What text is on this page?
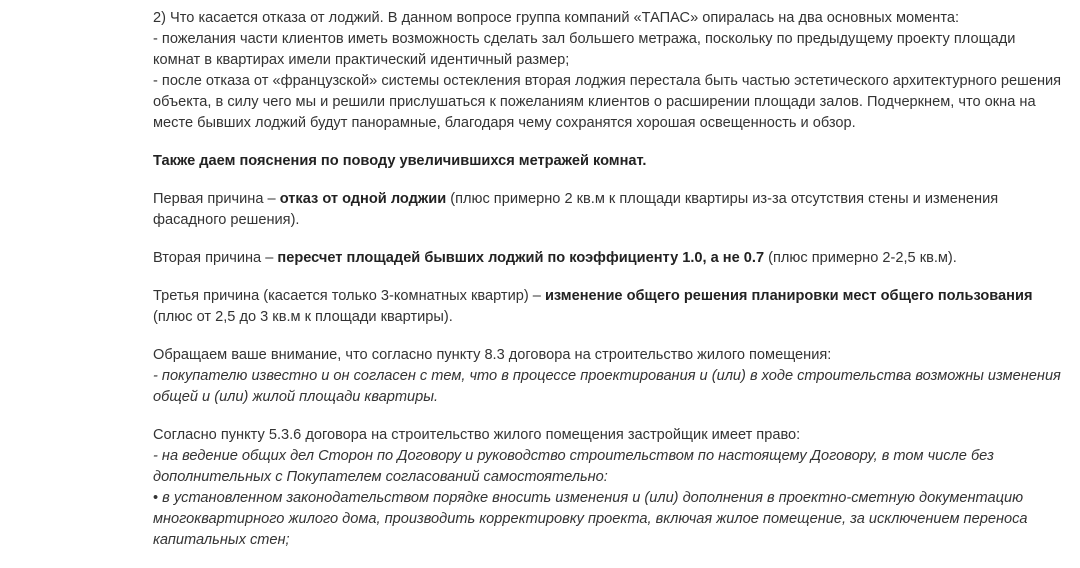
2) Что касается отказа от лоджий. В данном вопросе группа компаний «ТАПАС» опиралась на два основных момента:
- пожелания части клиентов иметь возможность сделать зал большего метража, поскольку по предыдущему проекту площади комнат в квартирах имели практический идентичный размер;
- после отказа от «французской» системы остекления вторая лоджия перестала быть частью эстетического архитектурного решения объекта, в силу чего мы и решили прислушаться к пожеланиям клиентов о расширении площади залов. Подчеркнем, что окна на месте бывших лоджий будут панорамные, благодаря чему сохранятся хорошая освещенность и обзор.

Также даем пояснения по поводу увеличившихся метражей комнат.

Первая причина – отказ от одной лоджии (плюс примерно 2 кв.м к площади квартиры из-за отсутствия стены и изменения фасадного решения).

Вторая причина – пересчет площадей бывших лоджий по коэффициенту 1.0, а не 0.7 (плюс примерно 2-2,5 кв.м).

Третья причина (касается только 3-комнатных квартир) – изменение общего решения планировки мест общего пользования (плюс от 2,5 до 3 кв.м к площади квартиры).

Обращаем ваше внимание, что согласно пункту 8.3 договора на строительство жилого помещения:
- покупателю известно и он согласен с тем, что в процессе проектирования и (или) в ходе строительства возможны изменения общей и (или) жилой площади квартиры.

Согласно пункту 5.3.6 договора на строительство жилого помещения застройщик имеет право:
- на ведение общих дел Сторон по Договору и руководство строительством по настоящему Договору, в том числе без дополнительных с Покупателем согласований самостоятельно:
• в установленном законодательством порядке вносить изменения и (или) дополнения в проектно-сметную документацию многоквартирного жилого дома, производить корректировку проекта, включая жилое помещение, за исключением переноса капитальных стен;
